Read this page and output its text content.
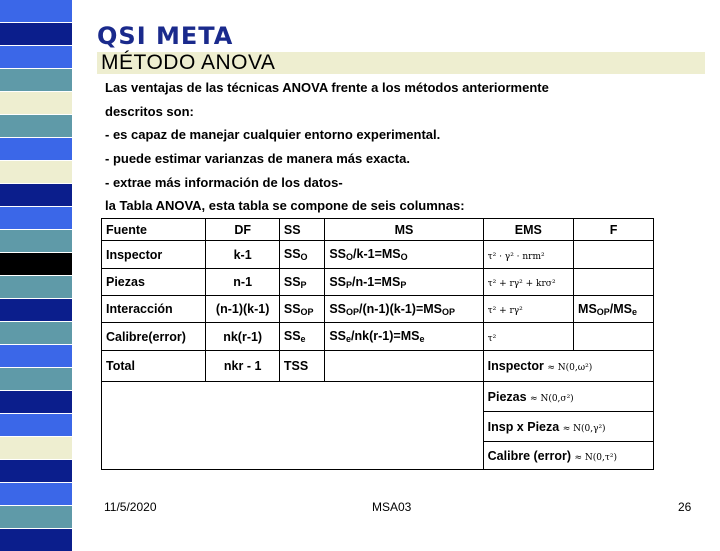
QSI META
MÉTODO ANOVA
Las ventajas de las técnicas ANOVA frente a los métodos anteriormente
descritos son:
- es capaz de manejar cualquier entorno experimental.
- puede estimar varianzas de manera más exacta.
- extrae más información de los datos-
la Tabla ANOVA, esta tabla se compone de seis columnas:
Fuente	DF	SS	MS	EMS	F
Inspector	k-1	$SS_O$	$SS_O/k-1=MS_O$	τ² · γ² · nrm²	
Piezas	n-1	$SS_P$	$SS_P/n-1=MS_P$	τ² + rγ² + krσ²	
Interacción	(n-1)(k-1)	$SS_{OP}$	$SS_{OP}/(n-1)(k-1)=MS_{OP}$	τ² + rγ²	$MS_{OP}/MS_e$
Calibre(error)	nk(r-1)	$SS_e$	$SS_e/nk(r-1)=MS_e$	τ²	
Total	nkr - 1	TSS		Inspector ≈ N(0,ω²)	
				Piezas ≈ N(0,σ²)	
				Insp x Pieza ≈ N(0,γ²)	
				Calibre (error) ≈ N(0,τ²)	
11/5/2020	MSA03	26
